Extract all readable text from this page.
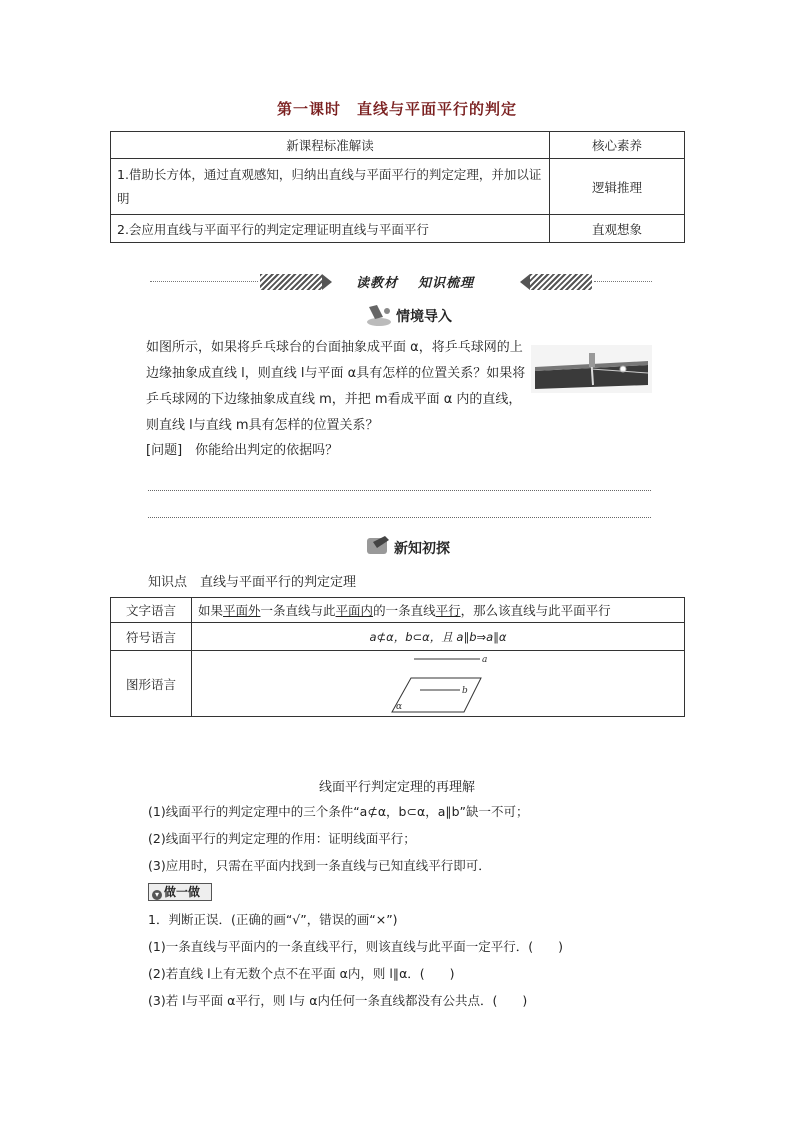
第一课时　直线与平面平行的判定
新课程标准解读	核心素养
1.借助长方体，通过直观感知，归纳出直线与平面平行的判定定理，并加以证明	逻辑推理
2.会应用直线与平面平行的判定定理证明直线与平面平行	直观想象
读教材 知识梳理
情境导入
如图所示，如果将乒乓球台的台面抽象成平面 α，将乒乓球网的上边缘抽象成直线 l，则直线 l与平面 α具有怎样的位置关系？如果将乒乓球网的下边缘抽象成直线 m，并把 m看成平面 α 内的直线，则直线 l与直线 m具有怎样的位置关系？
[问题]　你能给出判定的依据吗？
新知初探
知识点　直线与平面平行的判定定理
文字语言	如果平面外一条直线与此平面内的一条直线平行，那么该直线与此平面平行
符号语言	a⊄α，b⊂α，且 a∥b⇒a∥α
图形语言	a
b
α
线面平行判定定理的再理解
(1)线面平行的判定定理中的三个条件“a⊄α，b⊂α，a∥b”缺一不可；
(2)线面平行的判定定理的作用：证明线面平行；
(3)应用时，只需在平面内找到一条直线与已知直线平行即可．
▾ 做一做
1．判断正误．(正确的画“√”，错误的画“×”)
(1)一条直线与平面内的一条直线平行，则该直线与此平面一定平行．(　　)
(2)若直线 l上有无数个点不在平面 α内，则 l∥α．(　　)
(3)若 l与平面 α平行，则 l与 α内任何一条直线都没有公共点．(　　)
